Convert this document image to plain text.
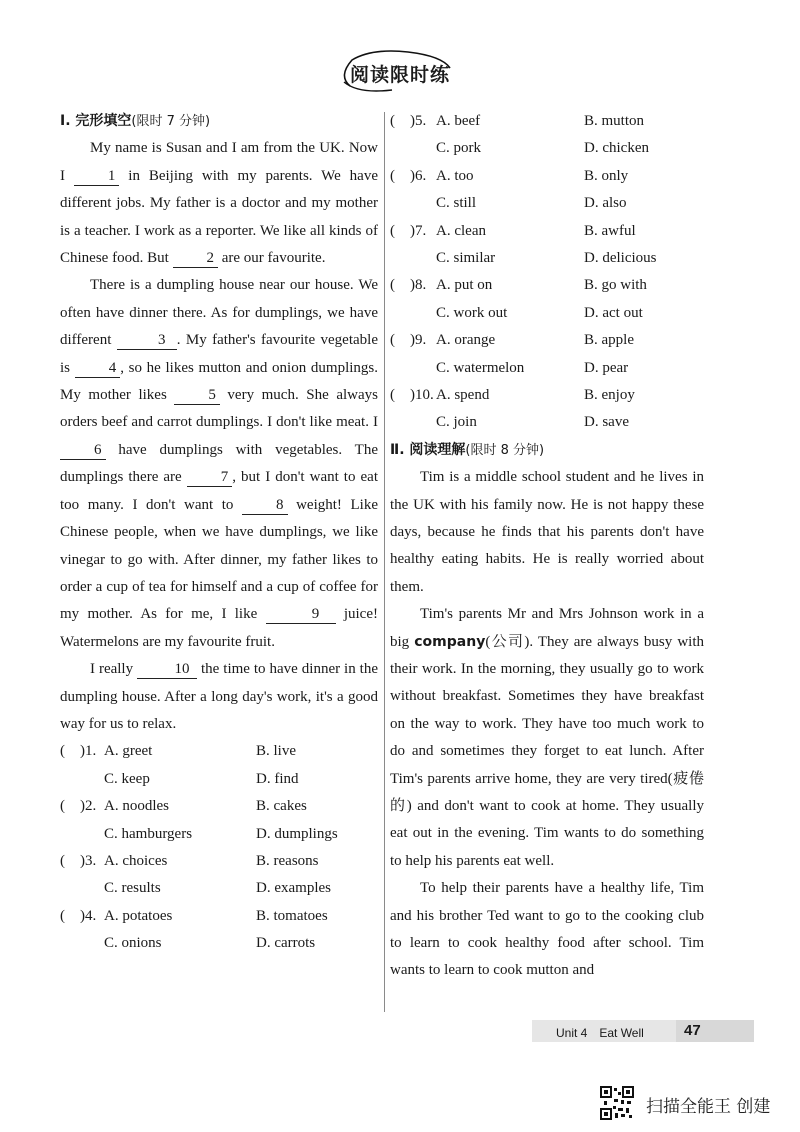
阅读限时练
Ⅰ. 完形填空(限时 7 分钟)

My name is Susan and I am from the UK. Now I 1 in Beijing with my parents. We have different jobs. My father is a doctor and my mother is a teacher. I work as a reporter. We like all kinds of Chinese food. But 2 are our favourite.

There is a dumpling house near our house. We often have dinner there. As for dumplings, we have different	3 . My father's favourite vegetable is 4 , so he likes mutton and onion dumplings. My mother likes 5 very much. She always orders beef and carrot dumplings. I don't like meat. I 6 have dumplings with vegetables. The dumplings there are 7 , but I don't want to eat too many. I don't want to 8 weight! Like Chinese people, when we have dumplings, we like vinegar to go with. After dinner, my father likes to order a cup of tea for himself and a cup of coffee for my mother. As for me, I like	9 juice! Watermelons are my favourite fruit.

I really	10 the time to have dinner in the dumpling house. After a long day's work, it's a good way for us to relax.

(　)1. A. greet	B. live
C. keep	D. find
(　)2. A. noodles	B. cakes
C. hamburgers	D. dumplings
(　)3. A. choices	B. reasons
C. results	D. examples
(　)4. A. potatoes	B. tomatoes
C. onions	D. carrots
(　)5. A. beef	B. mutton
C. pork	D. chicken
(　)6. A. too	B. only
C. still	D. also
(　)7. A. clean	B. awful
C. similar	D. delicious
(　)8. A. put on	B. go with
C. work out	D. act out
(　)9. A. orange	B. apple
C. watermelon	D. pear
(　)10. A. spend	B. enjoy
C. join	D. save
Ⅱ. 阅读理解(限时 8 分钟)

Tim is a middle school student and he lives in the UK with his family now. He is not happy these days, because he finds that his parents don't have healthy eating habits. He is really worried about them.

Tim's parents Mr and Mrs Johnson work in a big company(公司). They are always busy with their work. In the morning, they usually go to work without breakfast. Sometimes they have breakfast on the way to work. They have too much work to do and sometimes they forget to eat lunch. After Tim's parents arrive home, they are very tired(疲倦的) and don't want to cook at home. They usually eat out in the evening. Tim wants to do something to help his parents eat well.

To help their parents have a healthy life, Tim and his brother Ted want to go to the cooking club to learn to cook healthy food after school. Tim wants to learn to cook mutton and

Unit 4　Eat Well	47
扫描全能王 创建
